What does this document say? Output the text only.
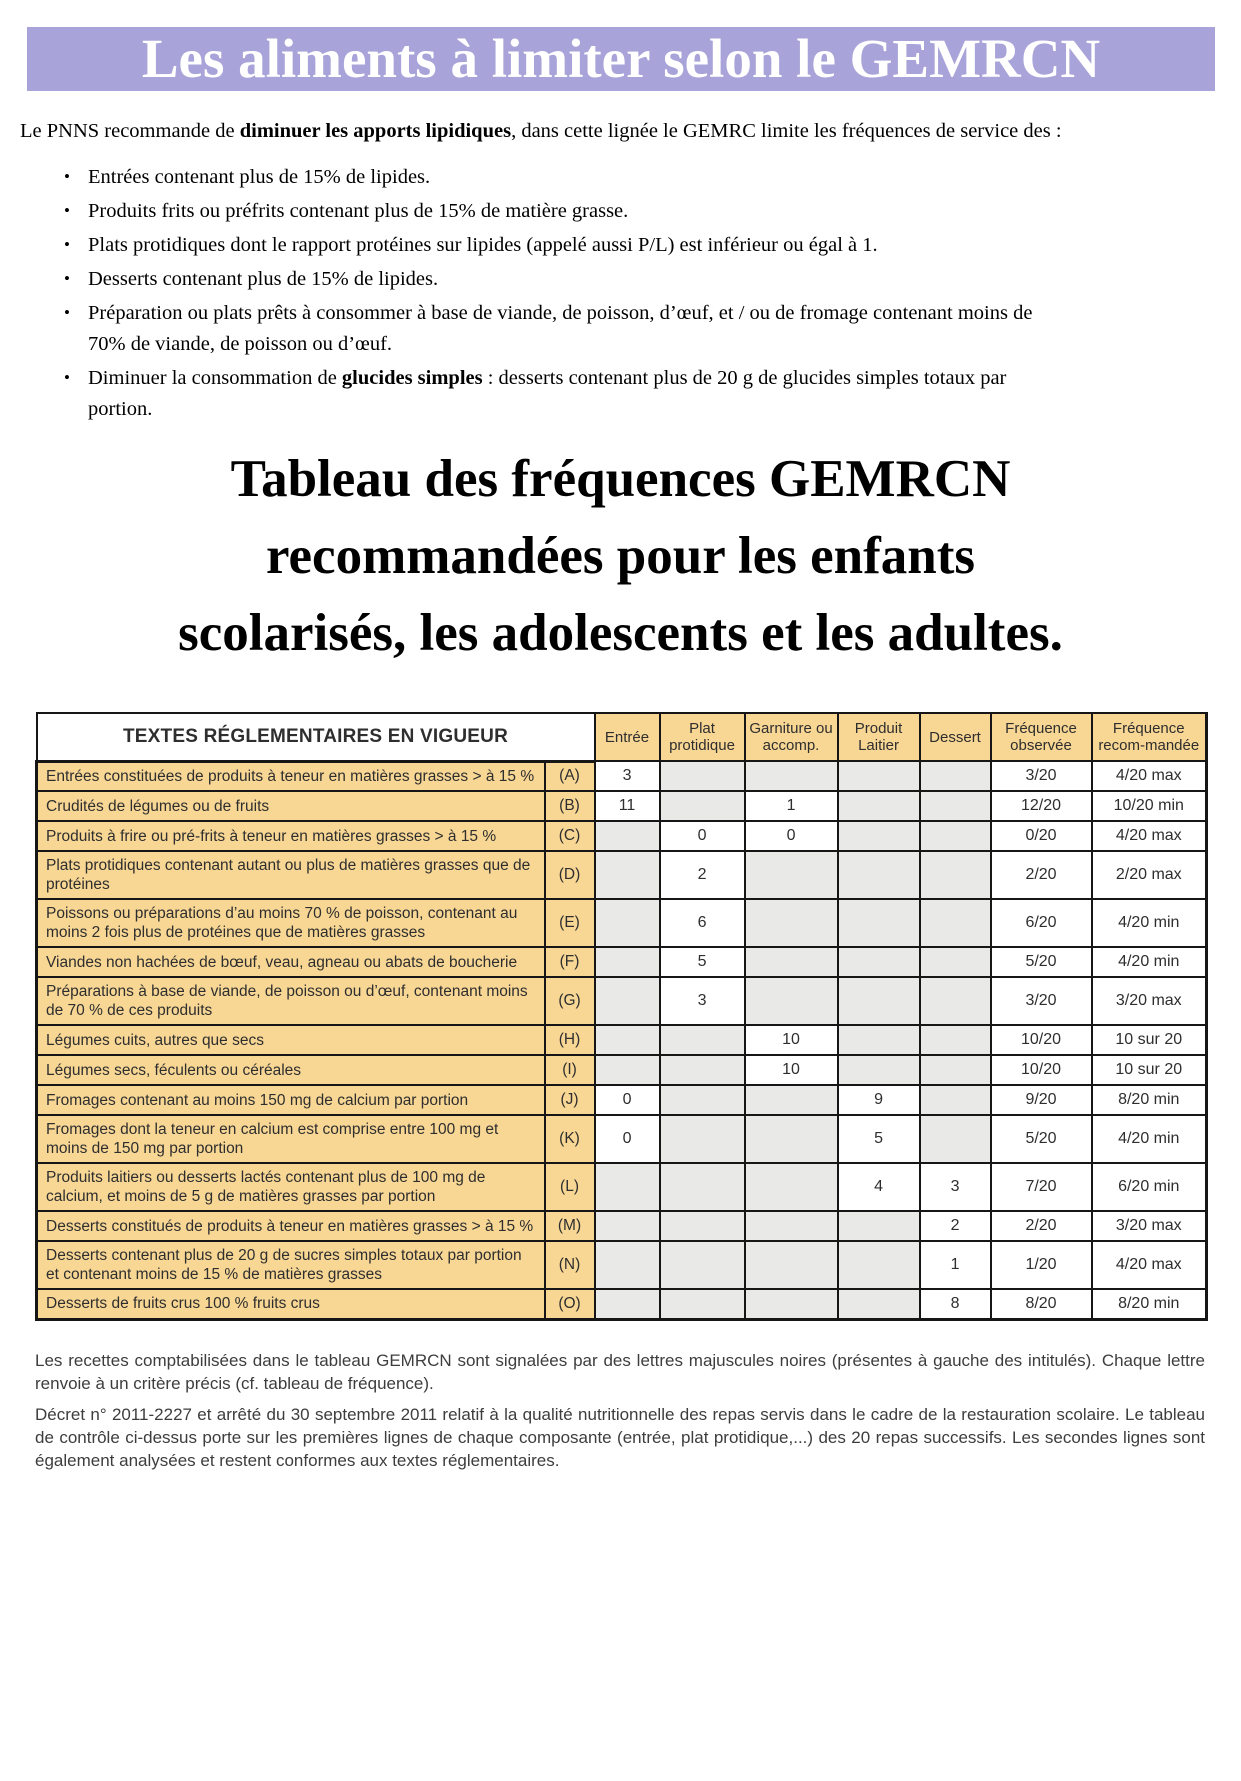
Les aliments à limiter selon le GEMRCN

Le PNNS recommande de diminuer les apports lipidiques, dans cette lignée le GEMRC limite les fréquences de service des :

• Entrées contenant plus de 15% de lipides.
• Produits frits ou préfrits contenant plus de 15% de matière grasse.
• Plats protidiques dont le rapport protéines sur lipides (appelé aussi P/L) est inférieur ou égal à 1.
• Desserts contenant plus de 15% de lipides.
• Préparation ou plats prêts à consommer à base de viande, de poisson, d’œuf, et / ou de fromage contenant moins de 70% de viande, de poisson ou d’œuf.
• Diminuer la consommation de glucides simples : desserts contenant plus de 20 g de glucides simples totaux par portion.
Tableau des fréquences GEMRCN
recommandées pour les enfants
scolarisés, les adolescents et les adultes.
TEXTES RÉGLEMENTAIRES EN VIGUEUR		Entrée	Plat protidique	Garniture ou accomp.	Produit Laitier	Dessert	Fréquence observée	Fréquence recom-mandée
Entrées constituées de produits à teneur en matières grasses > à 15 %	(A)	3					3/20	4/20 max
Crudités de légumes ou de fruits	(B)	11		1			12/20	10/20 min
Produits à frire ou pré-frits à teneur en matières grasses > à 15 %	(C)		0	0			0/20	4/20 max
Plats protidiques contenant autant ou plus de matières grasses que de protéines	(D)		2				2/20	2/20 max
Poissons ou préparations d’au moins 70 % de poisson, contenant au moins 2 fois plus de protéines que de matières grasses	(E)		6				6/20	4/20 min
Viandes non hachées de bœuf, veau, agneau ou abats de boucherie	(F)		5				5/20	4/20 min
Préparations à base de viande, de poisson ou d’œuf, contenant moins de 70 % de ces produits	(G)		3				3/20	3/20 max
Légumes cuits, autres que secs	(H)			10			10/20	10 sur 20
Légumes secs, féculents ou céréales	(I)			10			10/20	10 sur 20
Fromages contenant au moins 150 mg de calcium par portion	(J)	0			9		9/20	8/20 min
Fromages dont la teneur en calcium est comprise entre 100 mg et moins de 150 mg par portion	(K)	0			5		5/20	4/20 min
Produits laitiers ou desserts lactés contenant plus de 100 mg de calcium, et moins de 5 g de matières grasses par portion	(L)				4	3	7/20	6/20 min
Desserts constitués de produits à teneur en matières grasses > à 15 %	(M)					2	2/20	3/20 max
Desserts contenant plus de 20 g de sucres simples totaux par portion et contenant moins de 15 % de matières grasses	(N)					1	1/20	4/20 max
Desserts de fruits crus 100 % fruits crus	(O)					8	8/20	8/20 min

Les recettes comptabilisées dans le tableau GEMRCN sont signalées par des lettres majuscules noires (présentes à gauche des intitulés). Chaque lettre renvoie à un critère précis (cf. tableau de fréquence).

Décret n° 2011-2227 et arrêté du 30 septembre 2011 relatif à la qualité nutritionnelle des repas servis dans le cadre de la restauration scolaire. Le tableau de contrôle ci-dessus porte sur les premières lignes de chaque composante (entrée, plat protidique,...) des 20 repas successifs. Les secondes lignes sont également analysées et restent conformes aux textes réglementaires.
